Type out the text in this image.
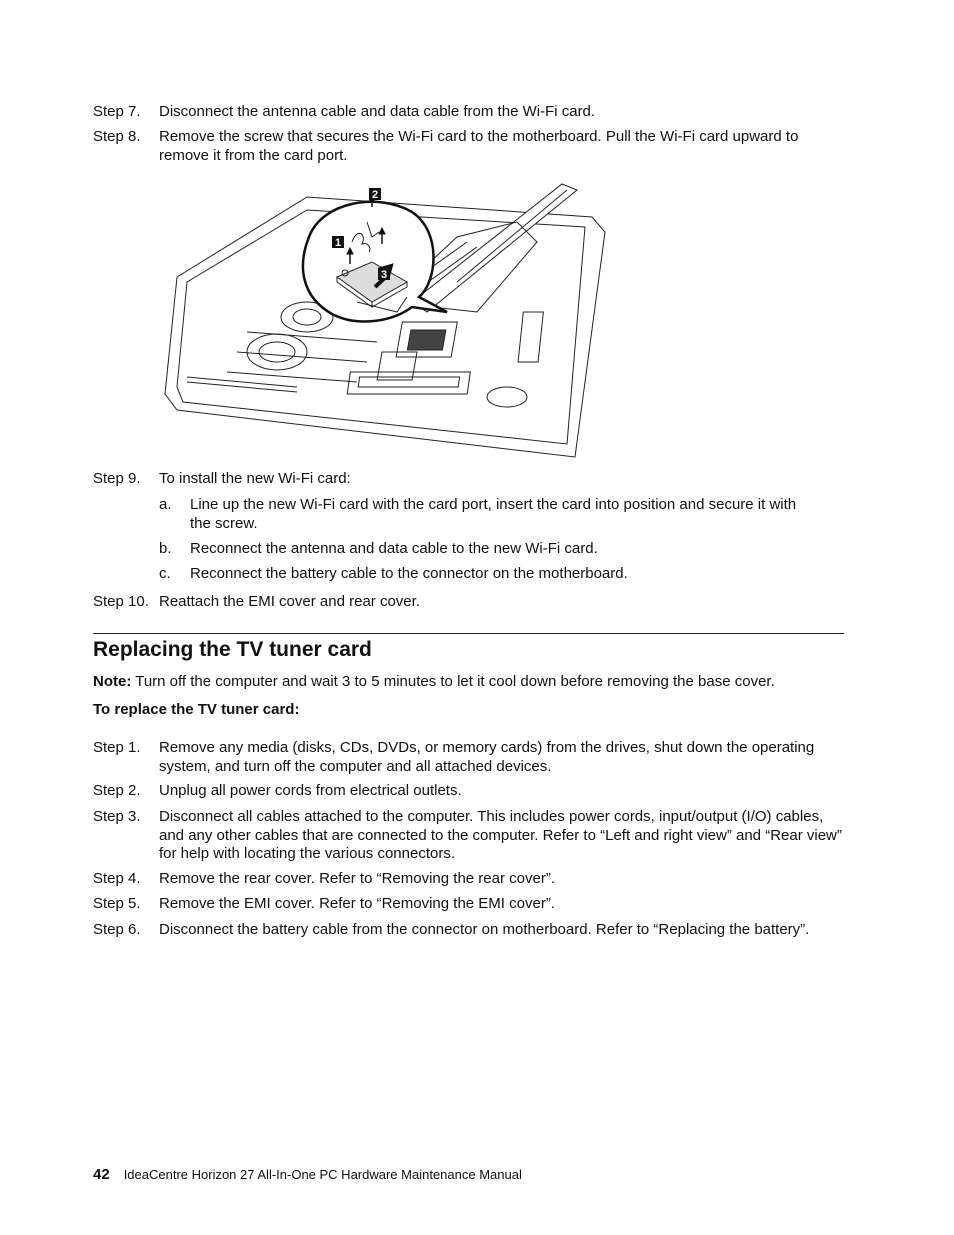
Step 7. Disconnect the antenna cable and data cable from the Wi-Fi card.
Step 8. Remove the screw that secures the Wi-Fi card to the motherboard. Pull the Wi-Fi card upward to remove it from the card port.
1
2
3
Step 9. To install the new Wi-Fi card:
a. Line up the new Wi-Fi card with the card port, insert the card into position and secure it with the screw.
b. Reconnect the antenna and data cable to the new Wi-Fi card.
c. Reconnect the battery cable to the connector on the motherboard.
Step 10. Reattach the EMI cover and rear cover.
Replacing the TV tuner card
Note: Turn off the computer and wait 3 to 5 minutes to let it cool down before removing the base cover.
To replace the TV tuner card:
Step 1. Remove any media (disks, CDs, DVDs, or memory cards) from the drives, shut down the operating system, and turn off the computer and all attached devices.
Step 2. Unplug all power cords from electrical outlets.
Step 3. Disconnect all cables attached to the computer. This includes power cords, input/output (I/O) cables, and any other cables that are connected to the computer. Refer to “Left and right view” and “Rear view” for help with locating the various connectors.
Step 4. Remove the rear cover. Refer to “Removing the rear cover”.
Step 5. Remove the EMI cover. Refer to “Removing the EMI cover”.
Step 6. Disconnect the battery cable from the connector on motherboard. Refer to “Replacing the battery”.
42 IdeaCentre Horizon 27 All-In-One PC Hardware Maintenance Manual
